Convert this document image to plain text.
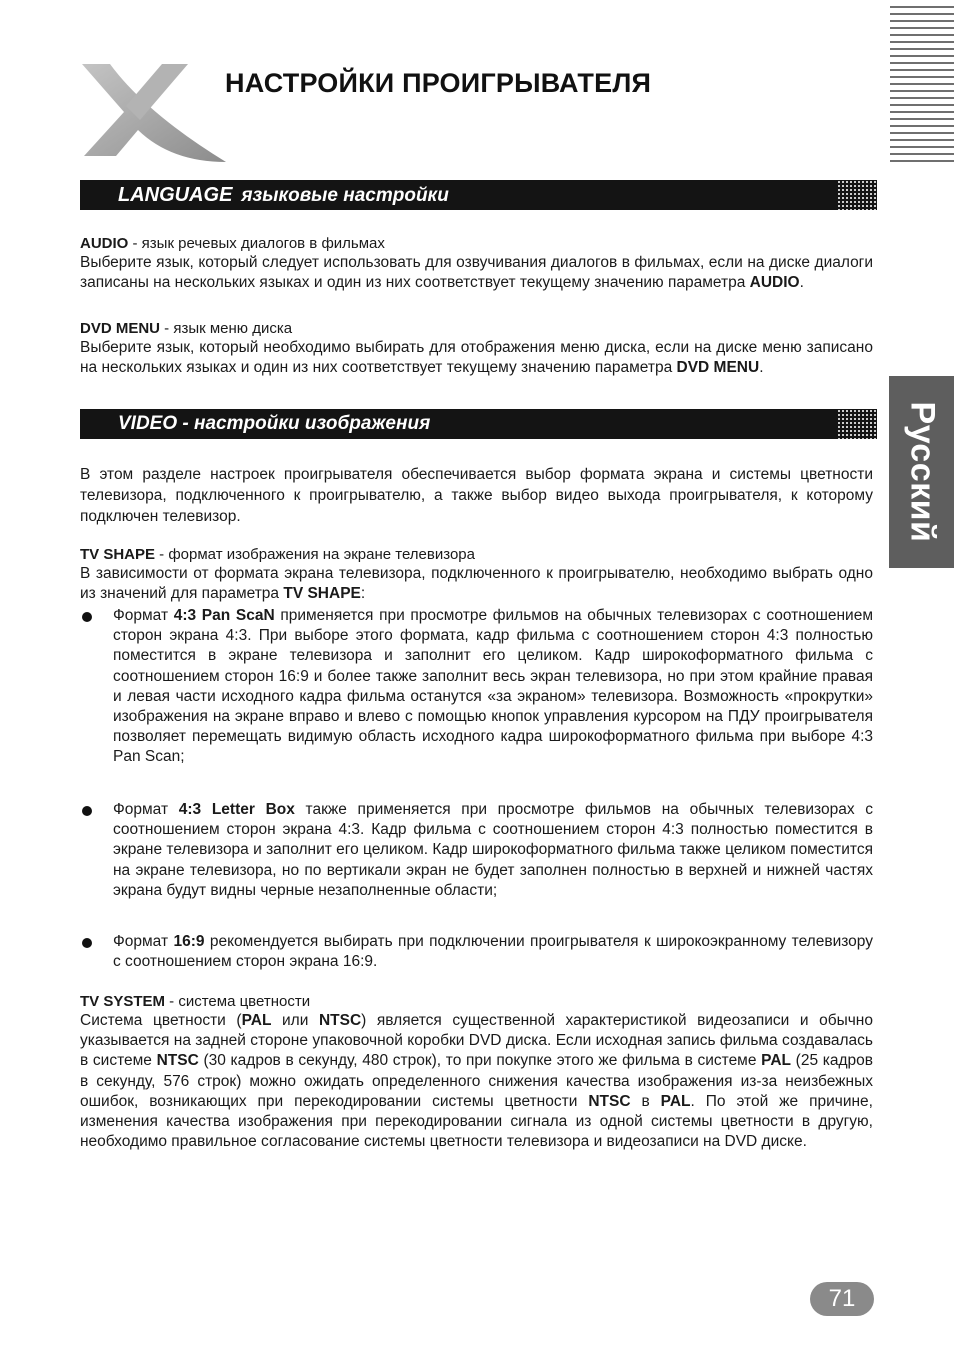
НАСТРОЙКИ ПРОИГРЫВАТЕЛЯ
Русский
LANGUAGE языковые настройки
AUDIO - язык речевых диалогов в фильмах
Выберите язык, который следует использовать для озвучивания диалогов в фильмах, если на диске диалоги записаны на нескольких языках и один из них соответствует текущему значению параметра AUDIO.
DVD MENU - язык меню диска
Выберите язык, который необходимо выбирать для отображения меню диска, если на диске меню записано на нескольких языках и один из них соответствует текущему значению параметра DVD MENU.
VIDEO - настройки изображения
В этом разделе настроек проигрывателя обеспечивается выбор формата экрана и системы цветности телевизора, подключенного к проигрывателю, а также выбор видео выхода проигрывателя, к которому подключен телевизор.
TV SHAPE - формат изображения на экране телевизора
В зависимости от формата экрана телевизора, подключенного к проигрывателю, необходимо выбрать одно из значений для параметра TV SHAPE:
Формат 4:3 Pan ScaN применяется при просмотре фильмов на обычных телевизорах с соотношением сторон экрана 4:3. При выборе этого формата, кадр фильма с соотношением сторон 4:3 полностью поместится в экране телевизора и заполнит его целиком. Кадр широкоформатного фильма с соотношением сторон 16:9 и более также заполнит весь экран телевизора, но при этом крайние правая и левая части исходного кадра фильма останутся «за экраном» телевизора. Возможность «прокрутки» изображения на экране вправо и влево с помощью кнопок управления курсором на ПДУ проигрывателя позволяет перемещать видимую область исходного кадра широкоформатного фильма при выборе 4:3 Pan Scan;
Формат 4:3 Letter Box также применяется при просмотре фильмов на обычных телевизорах с соотношением сторон экрана 4:3. Кадр фильма с соотношением сторон 4:3 полностью поместится в экране телевизора и заполнит его целиком. Кадр широкоформатного фильма также целиком поместится на экране телевизора, но по вертикали экран не будет заполнен полностью в верхней и нижней частях экрана будут видны черные незаполненные области;
Формат 16:9 рекомендуется выбирать при подключении проигрывателя к широкоэкранному телевизору с соотношением сторон экрана 16:9.
TV SYSTEM - система цветности
Система цветности (PAL или NTSC) является существенной характеристикой видеозаписи и обычно указывается на задней стороне упаковочной коробки DVD диска. Если исходная запись фильма создавалась в системе NTSC (30 кадров в секунду, 480 строк), то при покупке этого же фильма в системе PAL (25 кадров в секунду, 576 строк) можно ожидать определенного снижения качества изображения из-за неизбежных ошибок, возникающих при перекодировании системы цветности NTSC в PAL. По этой же причине, изменения качества изображения при перекодировании сигнала из одной системы цветности в другую, необходимо правильное согласование системы цветности телевизора и видеозаписи на DVD диске.
71
